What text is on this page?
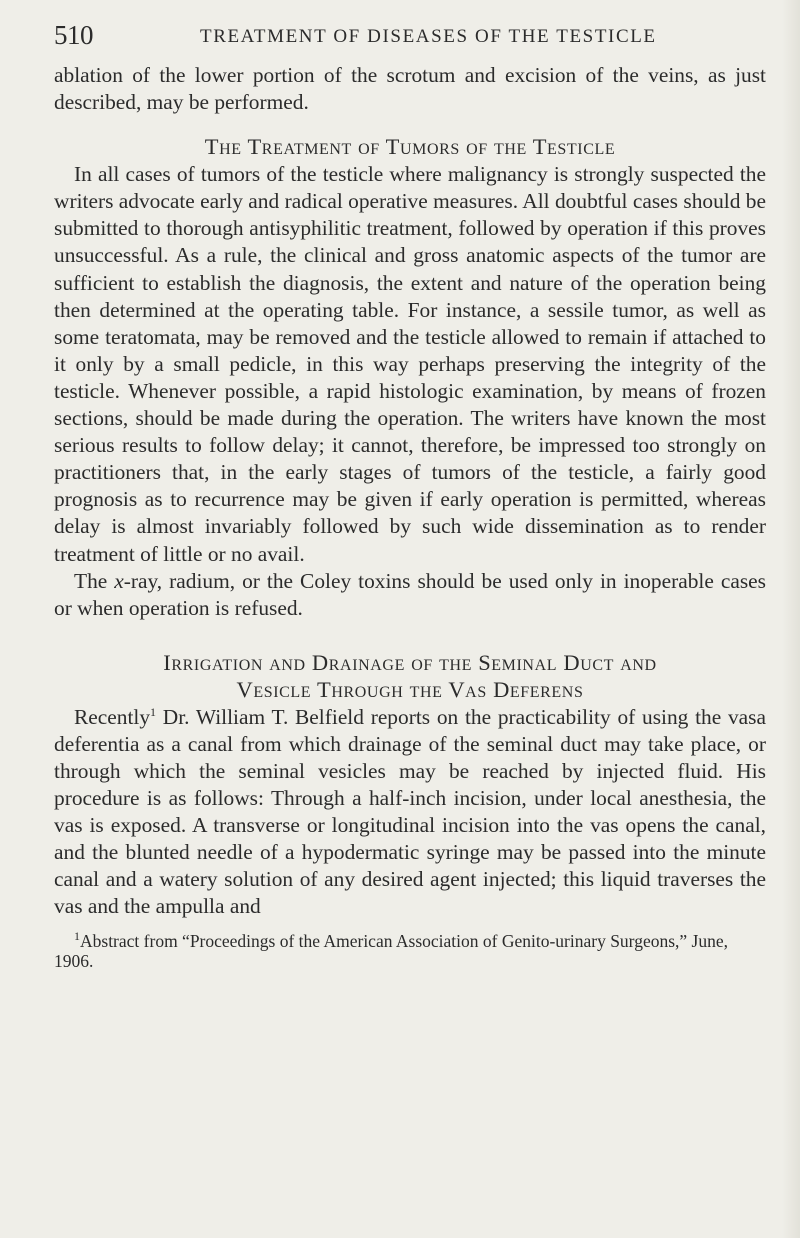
510	TREATMENT OF DISEASES OF THE TESTICLE

ablation of the lower portion of the scrotum and excision of the veins, as just described, may be performed.

The Treatment of Tumors of the Testicle

In all cases of tumors of the testicle where malignancy is strongly suspected the writers advocate early and radical operative measures. All doubtful cases should be submitted to thorough antisyphilitic treatment, followed by operation if this proves unsuccessful. As a rule, the clinical and gross anatomic aspects of the tumor are sufficient to establish the diagnosis, the extent and nature of the operation being then determined at the operating table. For instance, a sessile tumor, as well as some teratomata, may be removed and the testicle allowed to remain if attached to it only by a small pedicle, in this way perhaps preserving the integrity of the testicle. Whenever possible, a rapid histologic examination, by means of frozen sections, should be made during the operation. The writers have known the most serious results to follow delay; it cannot, therefore, be impressed too strongly on practitioners that, in the early stages of tumors of the testicle, a fairly good prognosis as to recurrence may be given if early operation is permitted, whereas delay is almost invariably followed by such wide dissemination as to render treatment of little or no avail.

The x-ray, radium, or the Coley toxins should be used only in inoperable cases or when operation is refused.

Irrigation and Drainage of the Seminal Duct and
Vesicle Through the Vas Deferens

Recently$^1$ Dr. William T. Belfield reports on the practicability of using the vasa deferentia as a canal from which drainage of the seminal duct may take place, or through which the seminal vesicles may be reached by injected fluid. His procedure is as follows: Through a half-inch incision, under local anesthesia, the vas is exposed. A transverse or longitudinal incision into the vas opens the canal, and the blunted needle of a hypodermatic syringe may be passed into the minute canal and a watery solution of any desired agent injected; this liquid traverses the vas and the ampulla and

$^1$Abstract from “Proceedings of the American Association of Genito-urinary Surgeons,” June, 1906.
